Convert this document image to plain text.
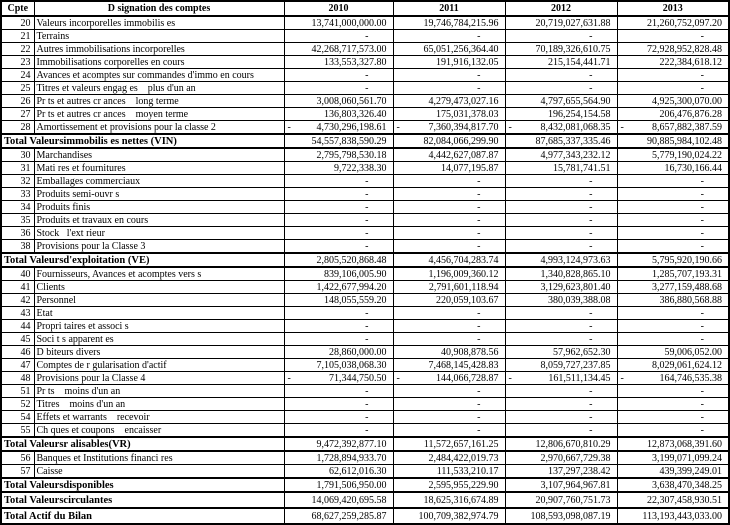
Cpte	D signation des comptes	2010	2011	2012	2013
20	Valeurs incorporelles immobilis es	13,741,000,000.00	19,746,784,215.96	20,719,027,631.88	21,260,752,097.20
21	Terrains	-	-	-	-
22	Autres immobilisations incorporelles	42,268,717,573.00	65,051,256,364.40	70,189,326,610.75	72,928,952,828.48
23	Immobilisations corporelles en cours	133,553,327.80	191,916,132.05	215,154,441.71	222,384,618.12
24	Avances et acomptes sur commandes d'immo en cours	-	-	-	-
25	Titres et valeurs engag es    plus d'un an	-	-	-	-
26	Pr ts et autres cr ances    long terme	3,008,060,561.70	4,279,473,027.16	4,797,655,564.90	4,925,300,070.00
27	Pr ts et autres cr ances    moyen terme	136,803,326.40	175,031,378.03	196,254,154.58	206,476,876.28
28	Amortissement et provisions pour la classe 2	- 4,730,296,198.61	- 7,360,394,817.70	- 8,432,081,068.35	- 8,657,882,387.59
Total Valeursimmobilis es nettes (VIN)		54,557,838,590.29	82,084,066,299.90	87,685,337,335.46	90,885,984,102.48
30	Marchandises	2,795,798,530.18	4,442,627,087.87	4,977,343,232.12	5,779,190,024.22
31	Mati res et fournitures	9,722,338.30	14,077,195.87	15,781,741.51	16,730,166.44
32	Emballages commerciaux	-	-	-	-
33	Produits semi-ouvr s	-	-	-	-
34	Produits finis	-	-	-	-
35	Produits et travaux en cours	-	-	-	-
36	Stock   l'ext rieur	-	-	-	-
38	Provisions pour la Classe 3	-	-	-	-
Total Valeursd'exploitation (VE)		2,805,520,868.48	4,456,704,283.74	4,993,124,973.63	5,795,920,190.66
40	Fournisseurs, Avances et acomptes vers s	839,106,005.90	1,196,009,360.12	1,340,828,865.10	1,285,707,193.31
41	Clients	1,422,677,994.20	2,791,601,118.94	3,129,623,801.40	3,277,159,488.68
42	Personnel	148,055,559.20	220,059,103.67	380,039,388.08	386,880,568.88
43	Etat	-	-	-	-
44	Propri taires et associ s	-	-	-	-
45	Soci t s apparent es	-	-	-	-
46	D biteurs divers	28,860,000.00	40,908,878.56	57,962,652.30	59,006,052.00
47	Comptes de r gularisation d'actif	7,105,038,068.30	7,468,145,428.83	8,059,727,237.85	8,029,061,624.12
48	Provisions pour la Classe 4	- 71,344,750.50	- 144,066,728.87	- 161,511,134.45	- 164,746,535.38
51	Pr ts    moins d'un an	-	-	-	-
52	Titres    moins d'un an	-	-	-	-
54	Effets et warrants    recevoir	-	-	-	-
55	Ch ques et coupons    encaisser	-	-	-	-
Total Valeursr alisables(VR)		9,472,392,877.10	11,572,657,161.25	12,806,670,810.29	12,873,068,391.60
56	Banques et Institutions financi res	1,728,894,933.70	2,484,422,019.73	2,970,667,729.38	3,199,071,099.24
57	Caisse	62,612,016.30	111,533,210.17	137,297,238.42	439,399,249.01
Total Valeursdisponibles		1,791,506,950.00	2,595,955,229.90	3,107,964,967.81	3,638,470,348.25
Total Valeurscirculantes		14,069,420,695.58	18,625,316,674.89	20,907,760,751.73	22,307,458,930.51
Total Actif du Bilan		68,627,259,285.87	100,709,382,974.79	108,593,098,087.19	113,193,443,033.00
